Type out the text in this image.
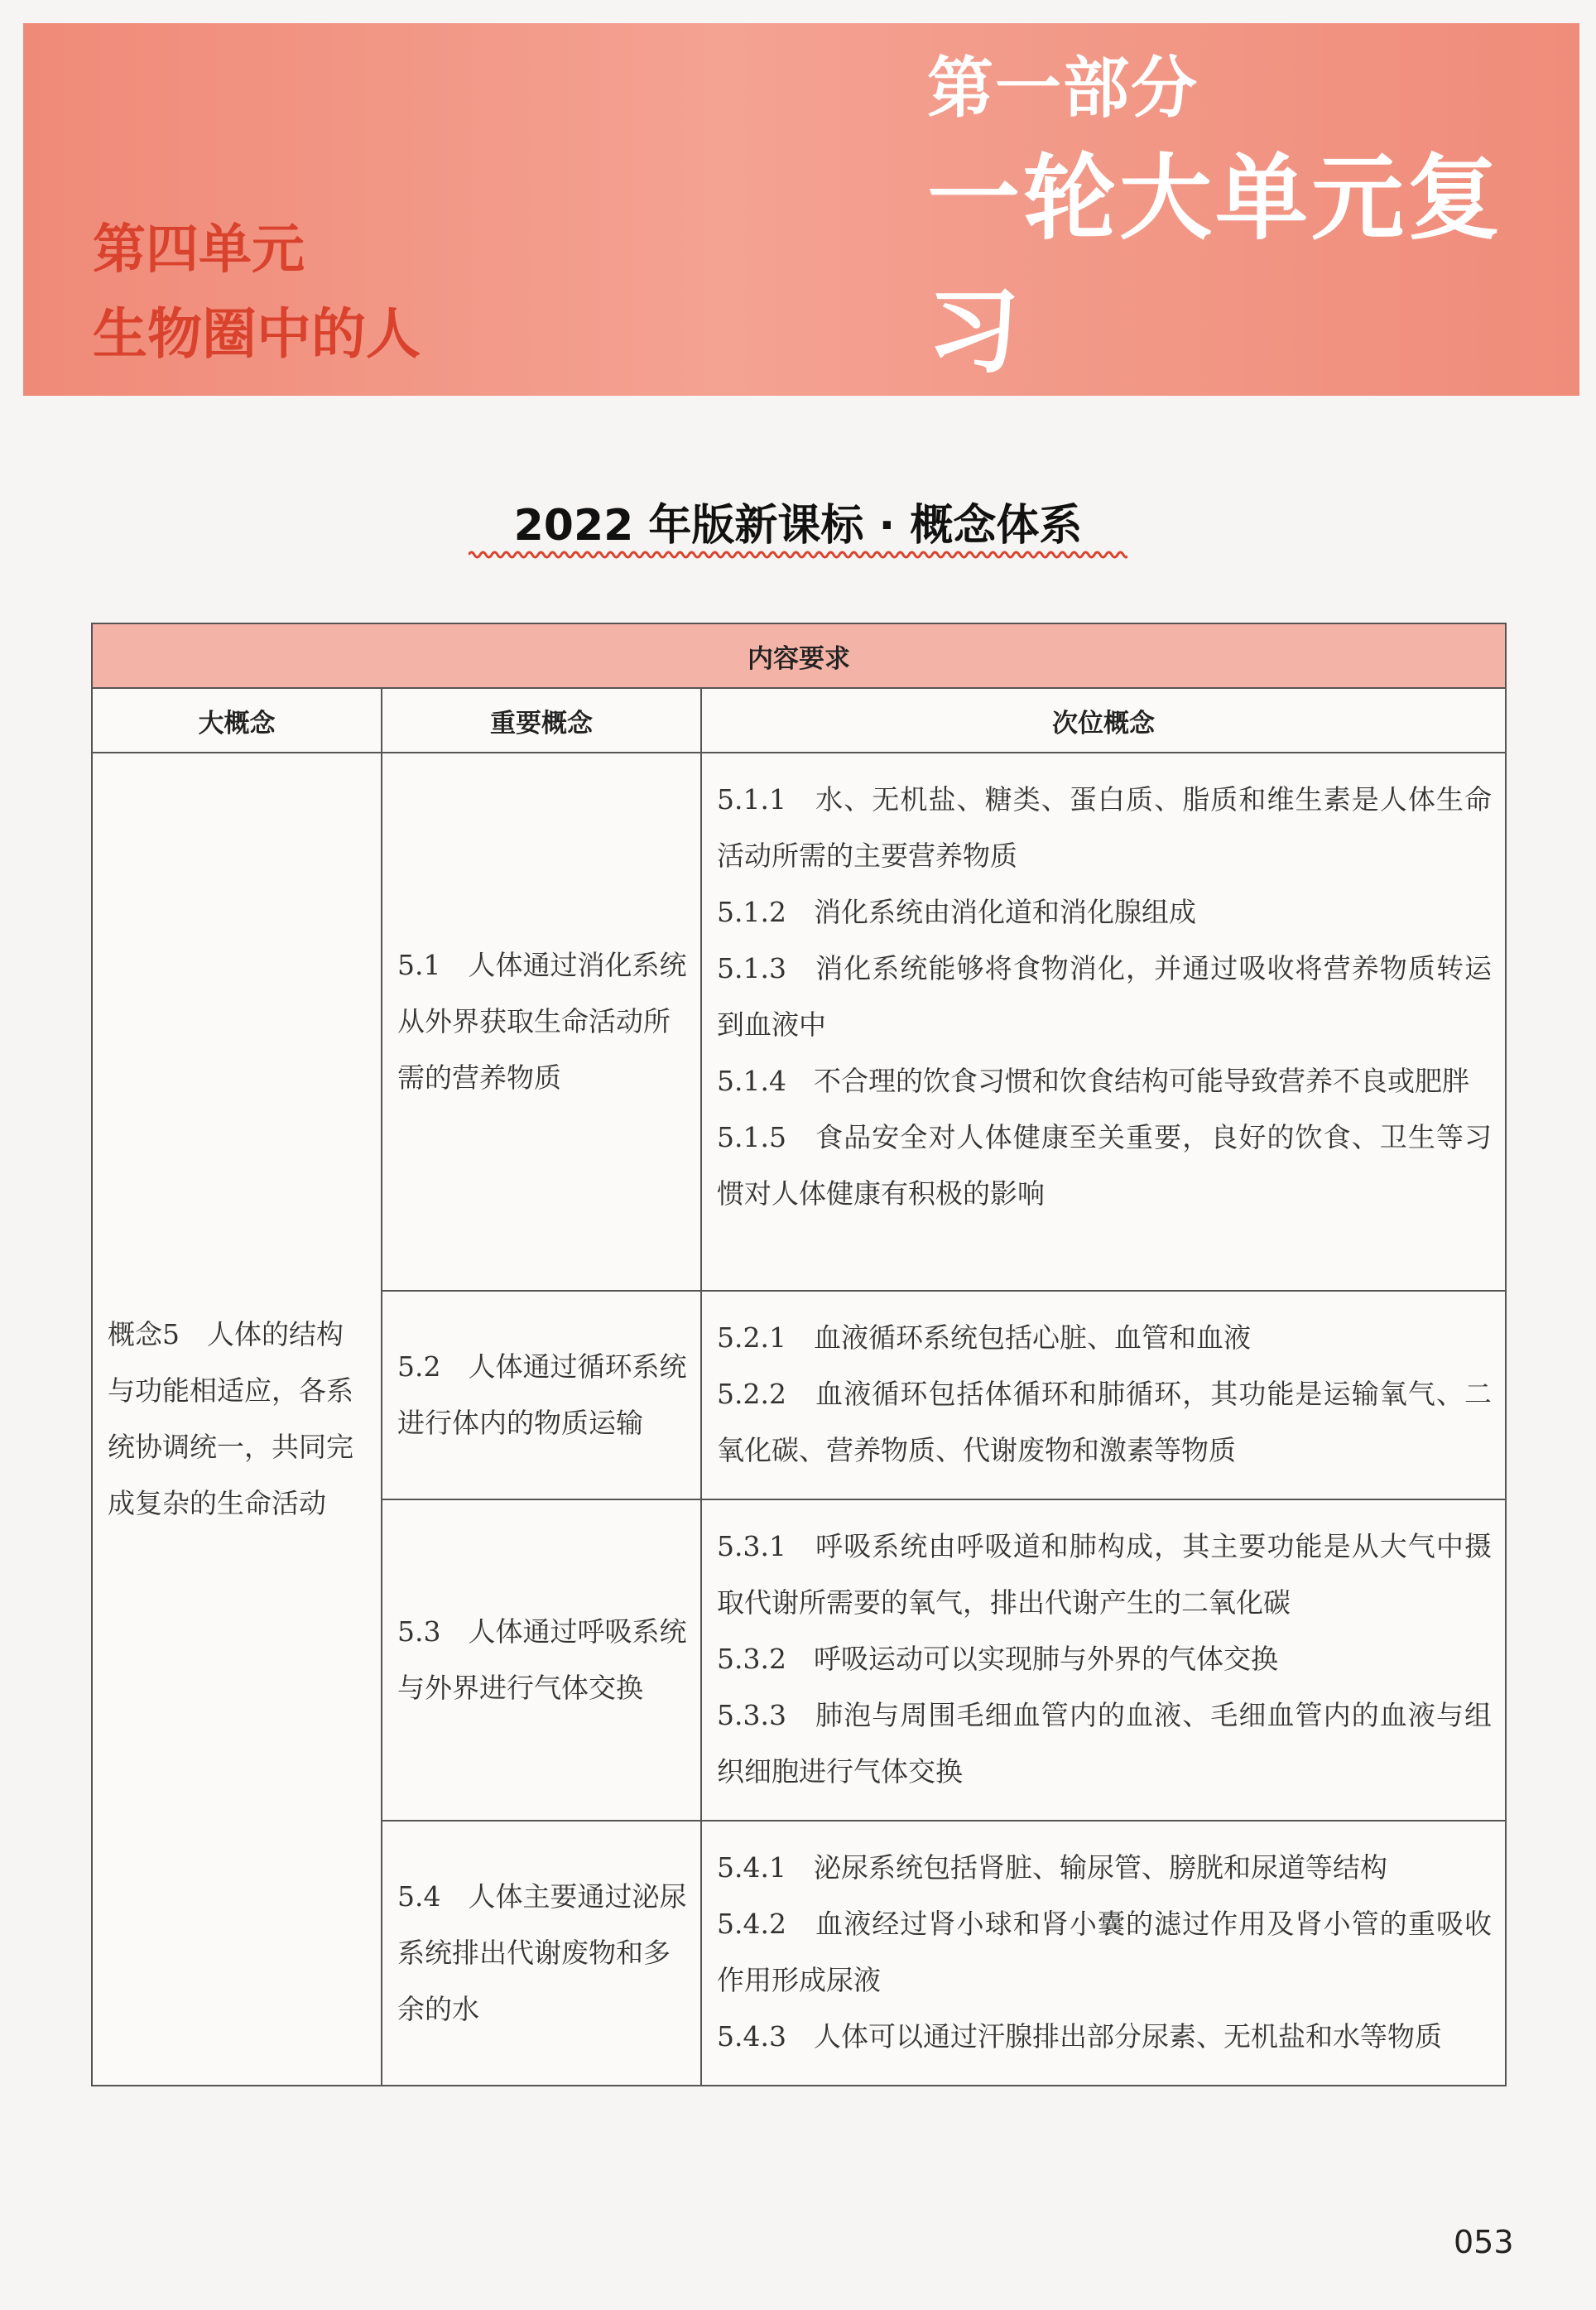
第一部分
一轮大单元复习
第四单元
生物圈中的人
2022 年版新课标 · 概念体系
内容要求		
大概念	重要概念	次位概念
概念5　人体的结构与功能相适应，各系统协调统一，共同完成复杂的生命活动	5.1　人体通过消化系统从外界获取生命活动所需的营养物质	5.1.1　水、无机盐、糖类、蛋白质、脂质和维生素是人体生命活动所需的主要营养物质
5.1.2　消化系统由消化道和消化腺组成
5.1.3　消化系统能够将食物消化，并通过吸收将营养物质转运到血液中
5.1.4　不合理的饮食习惯和饮食结构可能导致营养不良或肥胖
5.1.5　食品安全对人体健康至关重要，良好的饮食、卫生等习惯对人体健康有积极的影响

	5.2　人体通过循环系统进行体内的物质运输	5.2.1　血液循环系统包括心脏、血管和血液
5.2.2　血液循环包括体循环和肺循环，其功能是运输氧气、二氧化碳、营养物质、代谢废物和激素等物质

	5.3　人体通过呼吸系统与外界进行气体交换	5.3.1　呼吸系统由呼吸道和肺构成，其主要功能是从大气中摄取代谢所需要的氧气，排出代谢产生的二氧化碳
5.3.2　呼吸运动可以实现肺与外界的气体交换
5.3.3　肺泡与周围毛细血管内的血液、毛细血管内的血液与组织细胞进行气体交换

	5.4　人体主要通过泌尿系统排出代谢废物和多余的水	5.4.1　泌尿系统包括肾脏、输尿管、膀胱和尿道等结构
5.4.2　血液经过肾小球和肾小囊的滤过作用及肾小管的重吸收作用形成尿液
5.4.3　人体可以通过汗腺排出部分尿素、无机盐和水等物质
053
